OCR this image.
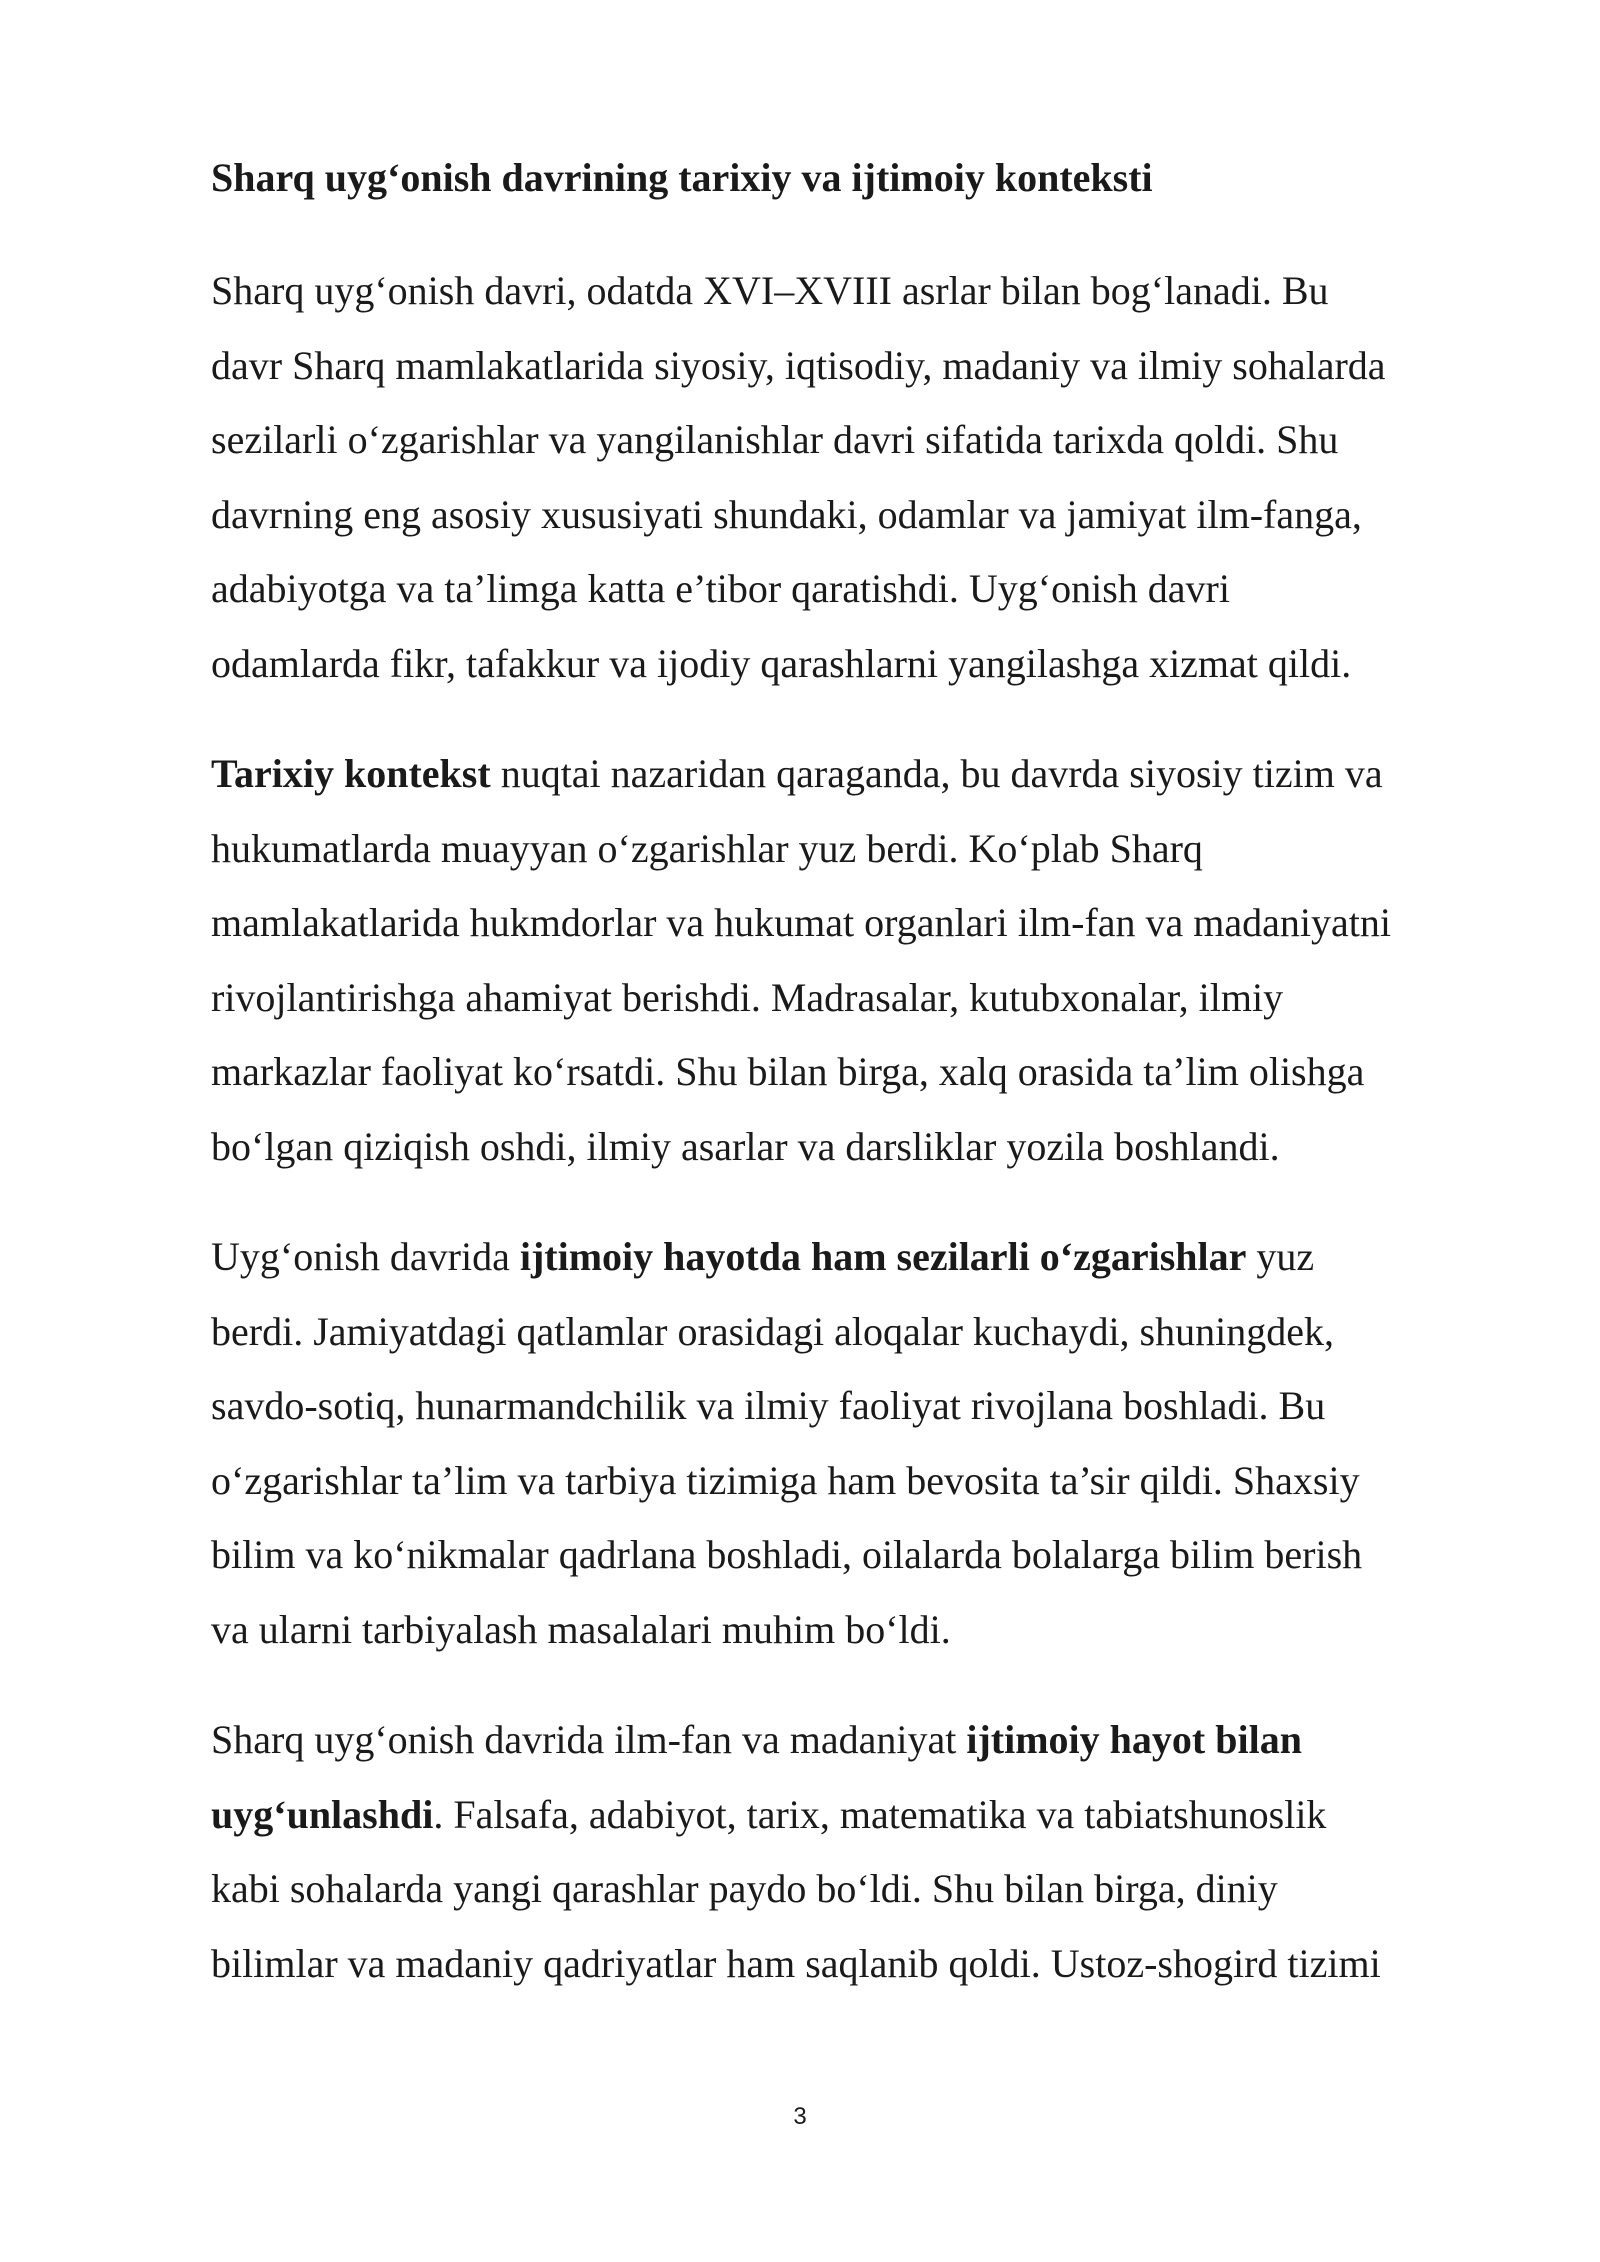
Sharq uyg‘onish davrining tarixiy va ijtimoiy konteksti
Sharq uyg‘onish davri, odatda XVI–XVIII asrlar bilan bog‘lanadi. Bu
davr Sharq mamlakatlarida siyosiy, iqtisodiy, madaniy va ilmiy sohalarda
sezilarli o‘zgarishlar va yangilanishlar davri sifatida tarixda qoldi. Shu
davrning eng asosiy xususiyati shundaki, odamlar va jamiyat ilm-fanga,
adabiyotga va ta’limga katta e’tibor qaratishdi. Uyg‘onish davri
odamlarda fikr, tafakkur va ijodiy qarashlarni yangilashga xizmat qildi.
Tarixiy kontekst nuqtai nazaridan qaraganda, bu davrda siyosiy tizim va
hukumatlarda muayyan o‘zgarishlar yuz berdi. Ko‘plab Sharq
mamlakatlarida hukmdorlar va hukumat organlari ilm-fan va madaniyatni
rivojlantirishga ahamiyat berishdi. Madrasalar, kutubxonalar, ilmiy
markazlar faoliyat ko‘rsatdi. Shu bilan birga, xalq orasida ta’lim olishga
bo‘lgan qiziqish oshdi, ilmiy asarlar va darsliklar yozila boshlandi.
Uyg‘onish davrida ijtimoiy hayotda ham sezilarli o‘zgarishlar yuz
berdi. Jamiyatdagi qatlamlar orasidagi aloqalar kuchaydi, shuningdek,
savdo-sotiq, hunarmandchilik va ilmiy faoliyat rivojlana boshladi. Bu
o‘zgarishlar ta’lim va tarbiya tizimiga ham bevosita ta’sir qildi. Shaxsiy
bilim va ko‘nikmalar qadrlana boshladi, oilalarda bolalarga bilim berish
va ularni tarbiyalash masalalari muhim bo‘ldi.
Sharq uyg‘onish davrida ilm-fan va madaniyat ijtimoiy hayot bilan
uyg‘unlashdi. Falsafa, adabiyot, tarix, matematika va tabiatshunoslik
kabi sohalarda yangi qarashlar paydo bo‘ldi. Shu bilan birga, diniy
bilimlar va madaniy qadriyatlar ham saqlanib qoldi. Ustoz-shogird tizimi
3
